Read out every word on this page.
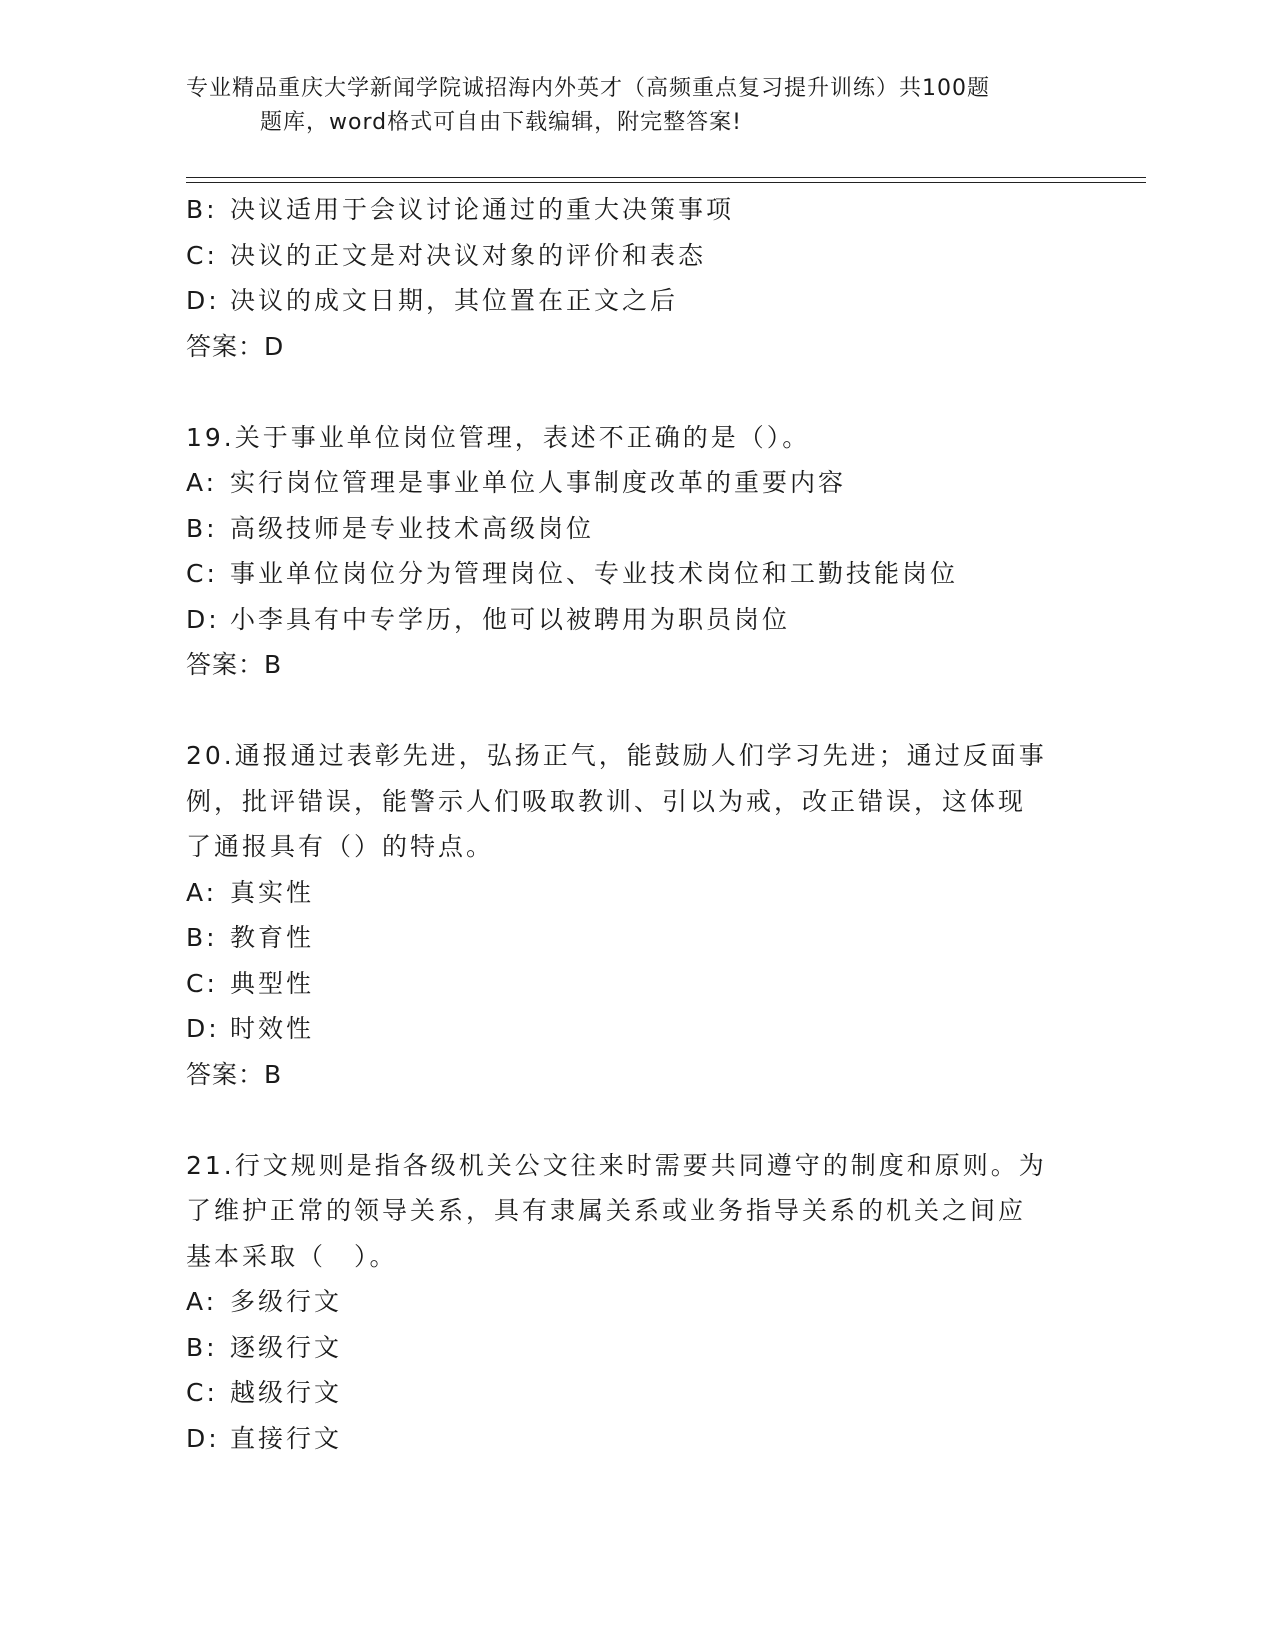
专业精品重庆大学新闻学院诚招海内外英才（高频重点复习提升训练）共100题
题库，word格式可自由下载编辑，附完整答案!
B: 决议适用于会议讨论通过的重大决策事项
C: 决议的正文是对决议对象的评价和表态
D: 决议的成文日期，其位置在正文之后
答案：D
19.关于事业单位岗位管理，表述不正确的是（）。
A: 实行岗位管理是事业单位人事制度改革的重要内容
B: 高级技师是专业技术高级岗位
C: 事业单位岗位分为管理岗位、专业技术岗位和工勤技能岗位
D: 小李具有中专学历，他可以被聘用为职员岗位
答案：B
20.通报通过表彰先进，弘扬正气，能鼓励人们学习先进；通过反面事
例，批评错误，能警示人们吸取教训、引以为戒，改正错误，这体现
了通报具有（）的特点。
A: 真实性
B: 教育性
C: 典型性
D: 时效性
答案：B
21.行文规则是指各级机关公文往来时需要共同遵守的制度和原则。为
了维护正常的领导关系，具有隶属关系或业务指导关系的机关之间应
基本采取（　）。
A: 多级行文
B: 逐级行文
C: 越级行文
D: 直接行文
